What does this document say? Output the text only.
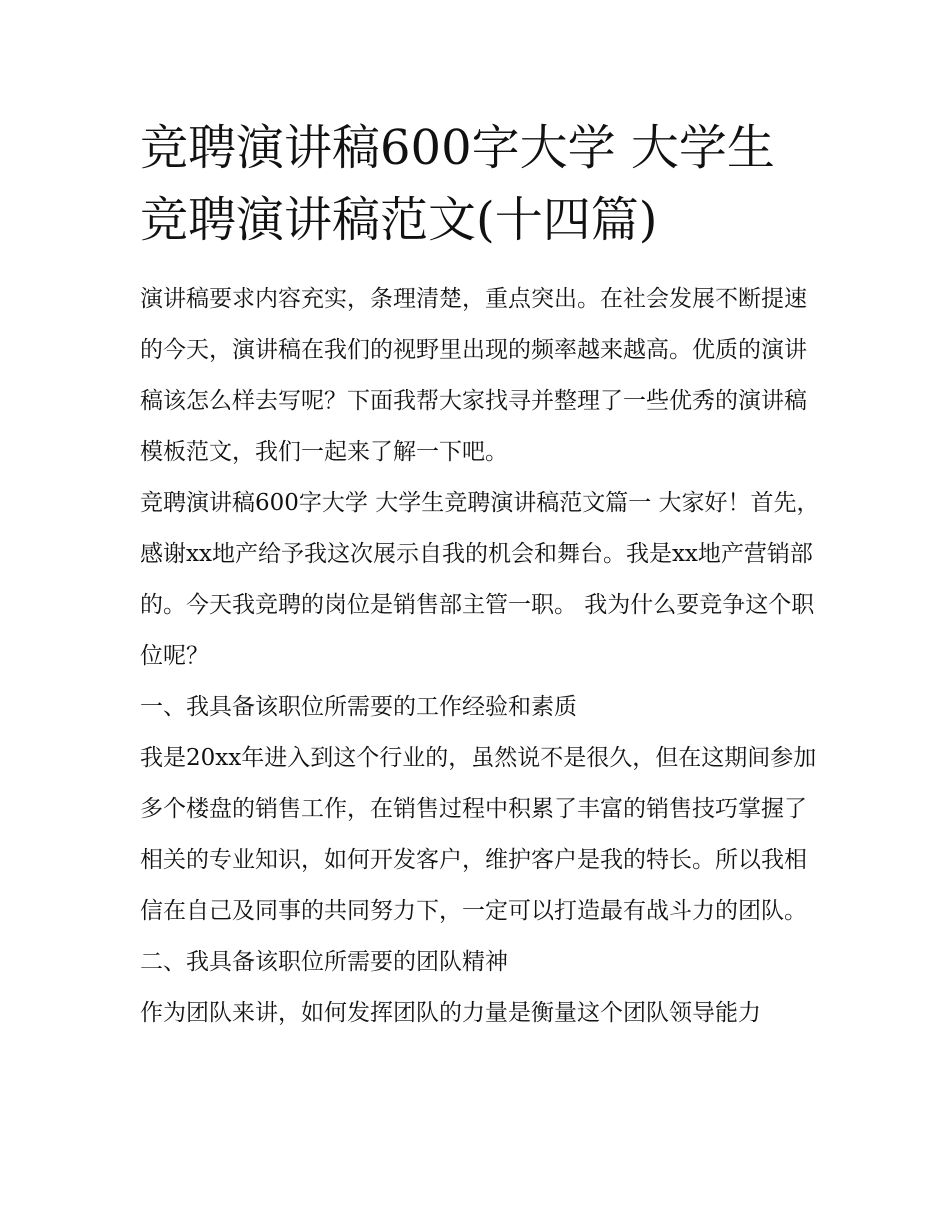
竞聘演讲稿600字大学 大学生
竞聘演讲稿范文(十四篇)

演讲稿要求内容充实，条理清楚，重点突出。在社会发展不断提速的今天，演讲稿在我们的视野里出现的频率越来越高。优质的演讲稿该怎么样去写呢？下面我帮大家找寻并整理了一些优秀的演讲稿模板范文，我们一起来了解一下吧。

竞聘演讲稿600字大学 大学生竞聘演讲稿范文篇一 大家好！首先，感谢xx地产给予我这次展示自我的机会和舞台。我是xx地产营销部的。今天我竞聘的岗位是销售部主管一职。 我为什么要竞争这个职位呢？

一、我具备该职位所需要的工作经验和素质

我是20xx年进入到这个行业的，虽然说不是很久，但在这期间参加多个楼盘的销售工作，在销售过程中积累了丰富的销售技巧掌握了相关的专业知识，如何开发客户，维护客户是我的特长。所以我相信在自己及同事的共同努力下，一定可以打造最有战斗力的团队。

二、我具备该职位所需要的团队精神

作为团队来讲，如何发挥团队的力量是衡量这个团队领导能力
